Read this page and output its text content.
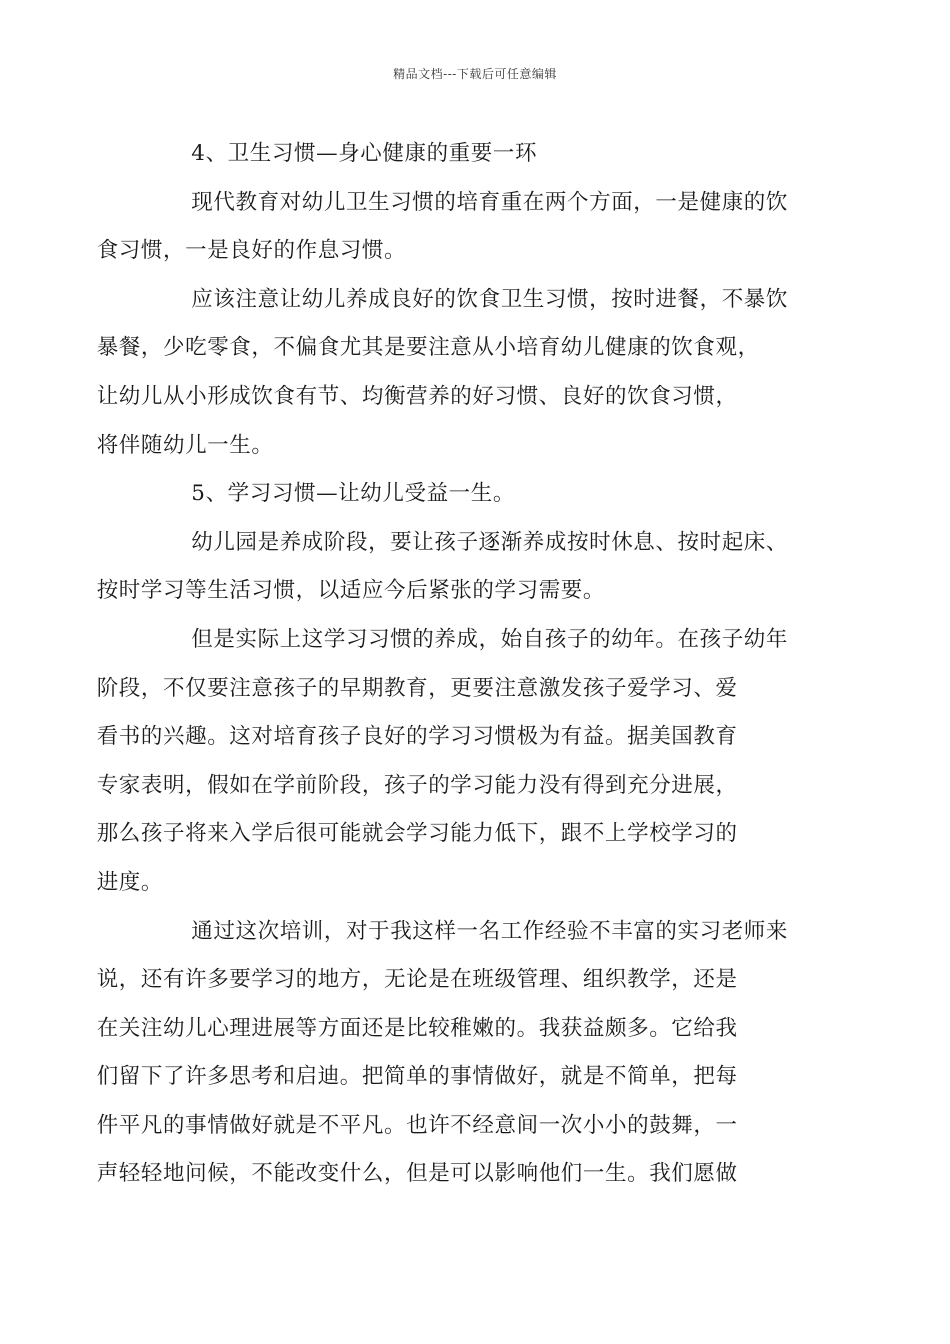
精品文档---下载后可任意编辑

4、卫生习惯—身心健康的重要一环

现代教育对幼儿卫生习惯的培育重在两个方面，一是健康的饮
食习惯，一是良好的作息习惯。

应该注意让幼儿养成良好的饮食卫生习惯，按时进餐，不暴饮
暴餐，少吃零食，不偏食尤其是要注意从小培育幼儿健康的饮食观，
让幼儿从小形成饮食有节、均衡营养的好习惯、良好的饮食习惯，
将伴随幼儿一生。

5、学习习惯—让幼儿受益一生。

幼儿园是养成阶段，要让孩子逐渐养成按时休息、按时起床、
按时学习等生活习惯，以适应今后紧张的学习需要。

但是实际上这学习习惯的养成，始自孩子的幼年。在孩子幼年
阶段，不仅要注意孩子的早期教育，更要注意激发孩子爱学习、爱
看书的兴趣。这对培育孩子良好的学习习惯极为有益。据美国教育
专家表明，假如在学前阶段，孩子的学习能力没有得到充分进展，
那么孩子将来入学后很可能就会学习能力低下，跟不上学校学习的
进度。

通过这次培训，对于我这样一名工作经验不丰富的实习老师来
说，还有许多要学习的地方，无论是在班级管理、组织教学，还是
在关注幼儿心理进展等方面还是比较稚嫩的。我获益颇多。它给我
们留下了许多思考和启迪。把简单的事情做好，就是不简单，把每
件平凡的事情做好就是不平凡。也许不经意间一次小小的鼓舞，一
声轻轻地问候，不能改变什么，但是可以影响他们一生。我们愿做
